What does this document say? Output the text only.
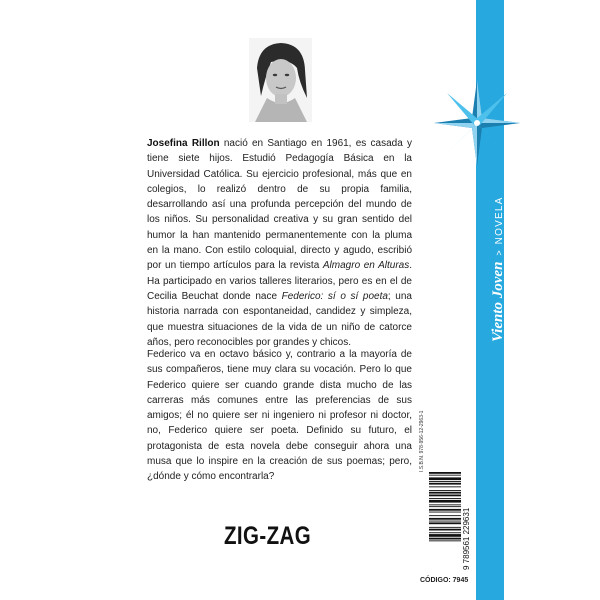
Josefina Rillon nació en Santiago en 1961, es casada y tiene siete hijos. Estudió Pedagogía Básica en la Universidad Católica. Su ejercicio profesional, más que en colegios, lo realizó dentro de su propia familia, desarrollando así una profunda percepción del mundo de los niños. Su personalidad creativa y su gran sentido del humor la han mantenido permanentemente con la pluma en la mano. Con estilo coloquial, directo y agudo, escribió por un tiempo artículos para la revista Almagro en Alturas. Ha participado en varios talleres literarios, pero es en el de Cecilia Beuchat donde nace Federico: sí o sí poeta; una historia narrada con espontaneidad, candidez y simpleza, que muestra situaciones de la vida de un niño de catorce años, pero reconocibles por grandes y chicos.

Federico va en octavo básico y, contrario a la mayoría de sus compañeros, tiene muy clara su vocación. Pero lo que Federico quiere ser cuando grande dista mucho de las carreras más comunes entre las preferencias de sus amigos; él no quiere ser ni ingeniero ni profesor ni doctor, no, Federico quiere ser poeta. Definido su futuro, el protagonista de esta novela debe conseguir ahora una musa que lo inspire en la creación de sus poemas; pero, ¿dónde y cómo encontrarla?

ZIG-ZAG
I.S.B.N. 978-956-12-2963-1
9 789561 229631
CÓDIGO: 7945
Viento Joven
>
NOVELA
